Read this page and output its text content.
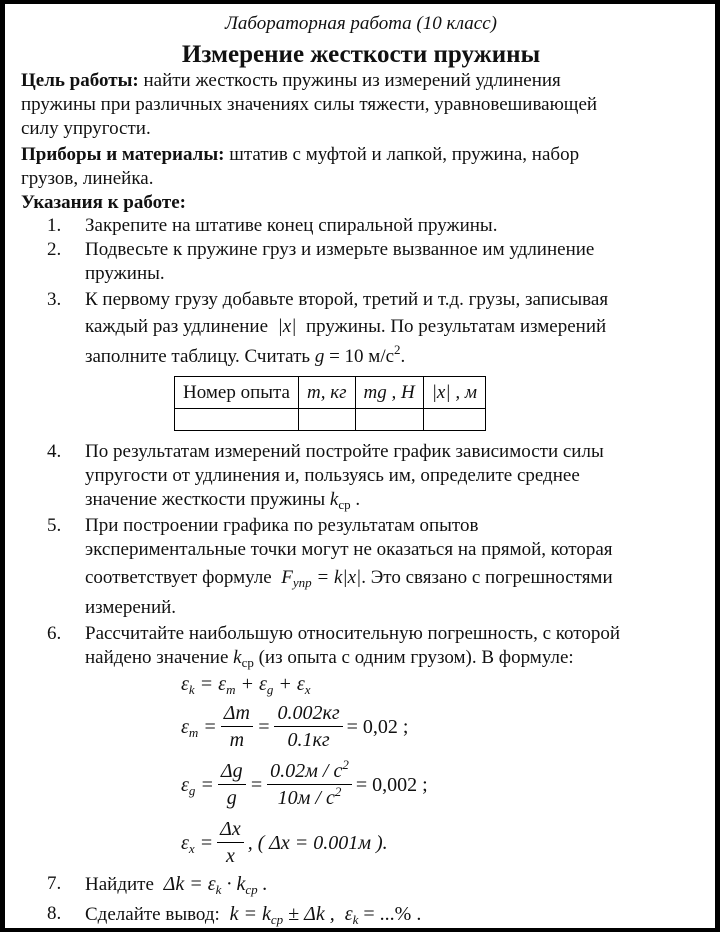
Лабораторная работа (10 класс)
Измерение жесткости пружины
Цель работы: найти жесткость пружины из измерений удлинения
пружины при различных значениях силы тяжести, уравновешивающей
силу упругости.
Приборы и материалы: штатив с муфтой и лапкой, пружина, набор
грузов, линейка.
Указания к работе:
1. Закрепите на штативе конец спиральной пружины.
2. Подвесьте к пружине груз и измерьте вызванное им удлинение
пружины.
3. К первому грузу добавьте второй, третий и т.д. грузы, записывая
каждый раз удлинение  |x|  пружины. По результатам измерений
заполните таблицу. Считать g = 10 $м/с^2$.
Номер опыта	m, кг	mg , Н	|x| , м

4. По результатам измерений постройте график зависимости силы
упругости от удлинения и, пользуясь им, определите среднее
значение жесткости пружины $k_{ср}$ .
5. При построении графика по результатам опытов
экспериментальные точки могут не оказаться на прямой, которая
соответствует формуле  $F_{упр} = k|x|$. Это связано с погрешностями
измерений.
6. Рассчитайте наибольшую относительную погрешность, с которой
найдено значение $k_{ср}$ (из опыта с одним грузом). В формуле:
$\varepsilon_k = \varepsilon_m + \varepsilon_g + \varepsilon_x$
$\varepsilon_m = \frac{\Delta m}{m} = \frac{0.002кг}{0.1кг} = 0,02$ ;
$\varepsilon_g = \frac{\Delta g}{g} = \frac{0.02м / с^2}{10м / с^2} = 0,002$ ;
$\varepsilon_x = \frac{\Delta x}{x}$ , ( Δx = 0.001м ).
7. Найдите  $\Delta k = \varepsilon_k \cdot k_{ср}$ .
8. Сделайте вывод:  $k = k_{ср} \pm \Delta k$ ,  $\varepsilon_k$ = ...% .
